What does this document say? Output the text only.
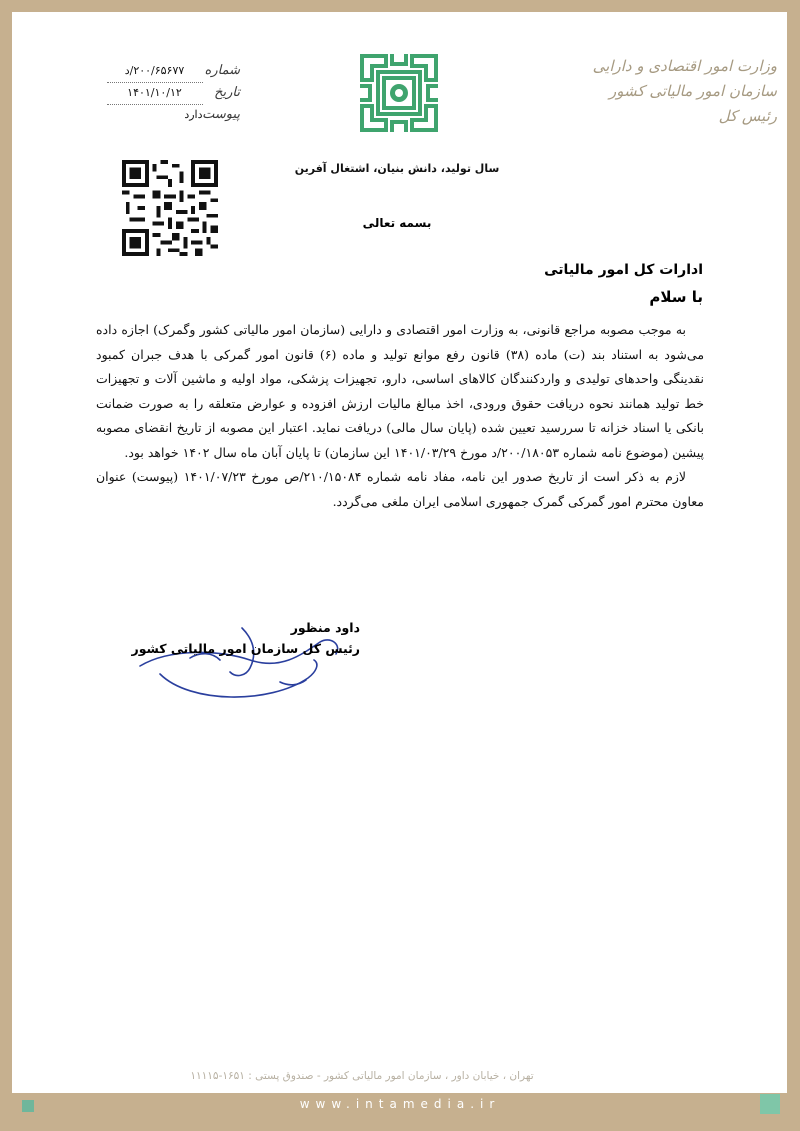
وزارت امور اقتصادی و دارایی
سازمان امور مالیاتی کشور
رئیس کل
شماره ۲۰۰/۶۵۶۷۷/د
تاریخ ۱۴۰۱/۱۰/۱۲
پیوست دارد
سال تولید، دانش بنیان، اشتغال آفرین
بسمه تعالی
ادارات کل امور مالیاتی
با سلام

به موجب مصوبه مراجع قانونی، به وزارت امور اقتصادی و دارایی (سازمان امور مالیاتی کشور وگمرک) اجازه داده می‌شود به استناد بند (ت) ماده (۳۸) قانون رفع موانع تولید و ماده (۶) قانون امور گمرکی با هدف جبران کمبود نقدینگی واحدهای تولیدی و واردکنندگان کالاهای اساسی، دارو، تجهیزات پزشکی، مواد اولیه و ماشین آلات و تجهیزات خط تولید همانند نحوه دریافت حقوق ورودی، اخذ مبالغ مالیات ارزش افزوده و عوارض متعلقه را به صورت ضمانت بانکی یا اسناد خزانه تا سررسید تعیین شده (پایان سال مالی) دریافت نماید. اعتبار این مصوبه از تاریخ انقضای مصوبه پیشین (موضوع نامه شماره ۲۰۰/۱۸۰۵۳/د مورخ ۱۴۰۱/۰۳/۲۹ این سازمان) تا پایان آبان ماه سال ۱۴۰۲ خواهد بود.

لازم به ذکر است از تاریخ صدور این نامه، مفاد نامه شماره ۲۱۰/۱۵۰۸۴/ص مورخ ۱۴۰۱/۰۷/۲۳ (پیوست) عنوان معاون محترم امور گمرکی گمرک جمهوری اسلامی ایران ملغی می‌گردد.

داود منظور
رئیس کل سازمان امور مالیاتی کشور
تهران ، خیابان داور ، سازمان امور مالیاتی کشور - صندوق پستی : ۱۶۵۱-۱۱۱۱۵
www.intamedia.ir
